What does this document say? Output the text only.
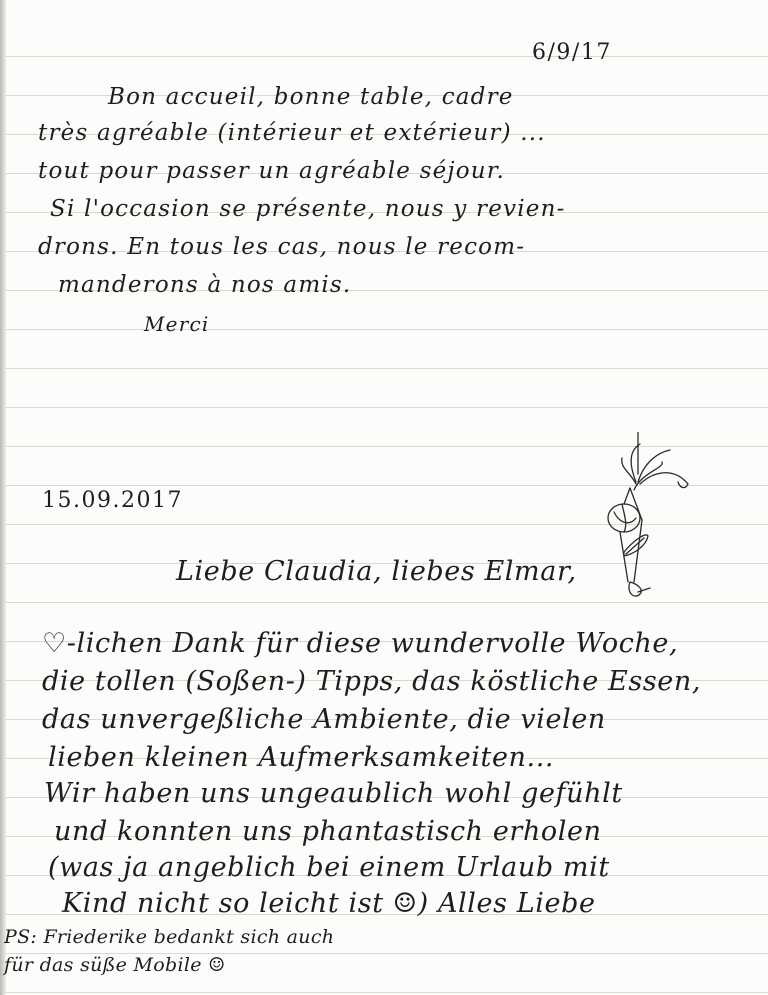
6/9/17
Bon accueil, bonne table, cadre
très agréable (intérieur et extérieur) ...
tout pour passer un agréable séjour.
Si l'occasion se présente, nous y revien-
drons. En tous les cas, nous le recom-
manderons à nos amis.
Merci
15.09.2017
Liebe Claudia, liebes Elmar,
♡-lichen Dank für diese wundervolle Woche,
die tollen (Soßen-) Tipps, das köstliche Essen,
das unvergeßliche Ambiente, die vielen
lieben kleinen Aufmerksamkeiten...
Wir haben uns ungeaublich wohl gefühlt
und konnten uns phantastisch erholen
(was ja angeblich bei einem Urlaub mit
Kind nicht so leicht ist ☺) Alles Liebe
PS: Friederike bedankt sich auch
für das süße Mobile ☺
